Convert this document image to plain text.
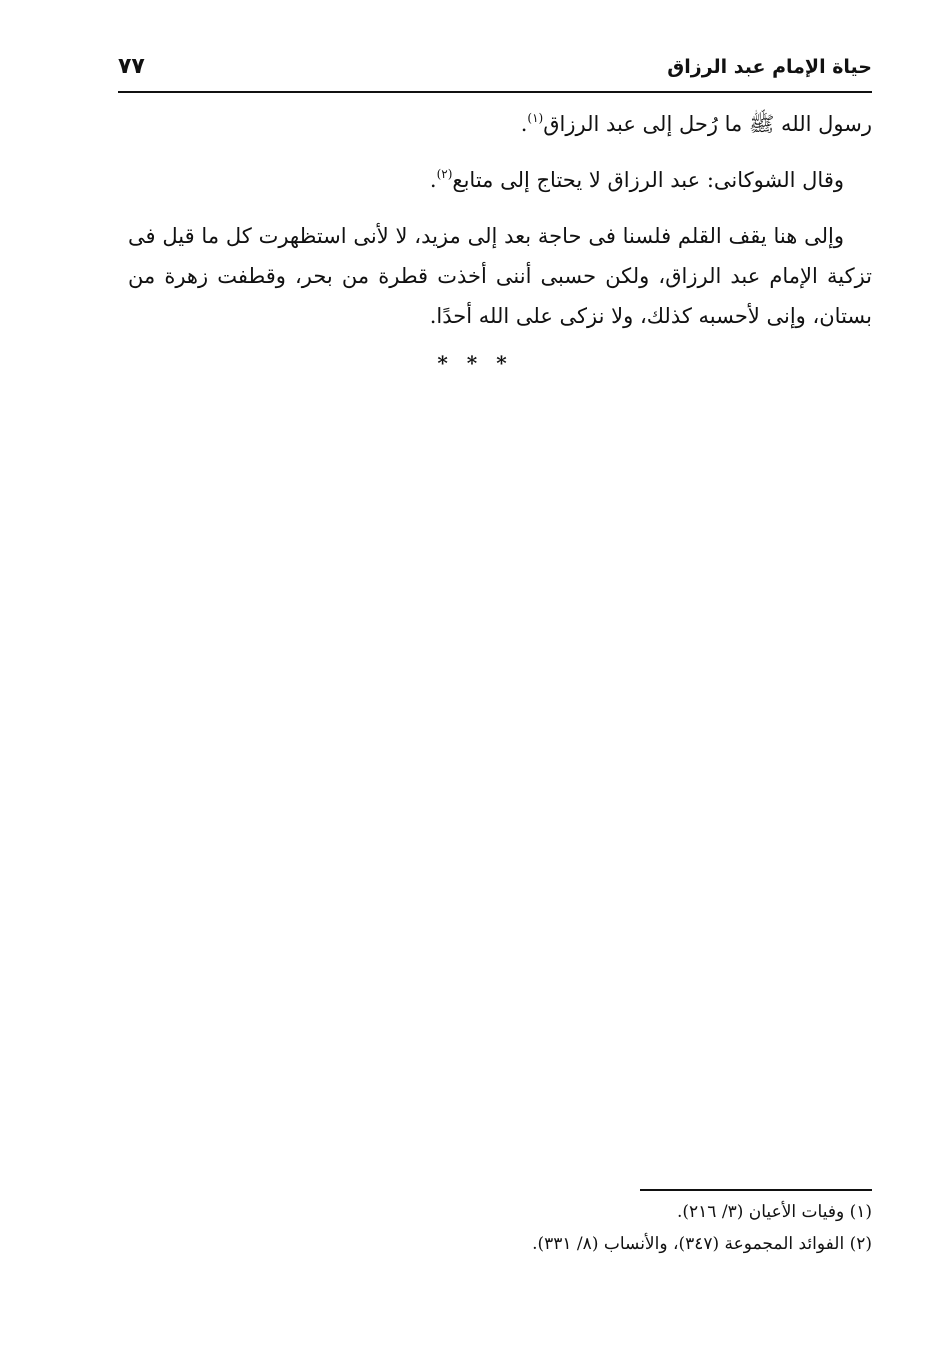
حياة الإمام عبد الرزاق
٧٧

رسول الله ﷺ ما رُحل إلى عبد الرزاق$^{(١)}$.

وقال الشوكانى: عبد الرزاق لا يحتاج إلى متابع$^{(٢)}$.

وإلى هنا يقف القلم فلسنا فى حاجة بعد إلى مزيد، لا لأنى استظهرت كل ما قيل فى تزكية الإمام عبد الرزاق، ولكن حسبى أننى أخذت قطرة من بحر، وقطفت زهرة من بستان، وإنى لأحسبه كذلك، ولا نزكى على الله أحدًا.

* * *

(١) وفيات الأعيان (٣/ ٢١٦).

(٢) الفوائد المجموعة (٣٤٧)، والأنساب (٨/ ٣٣١).
